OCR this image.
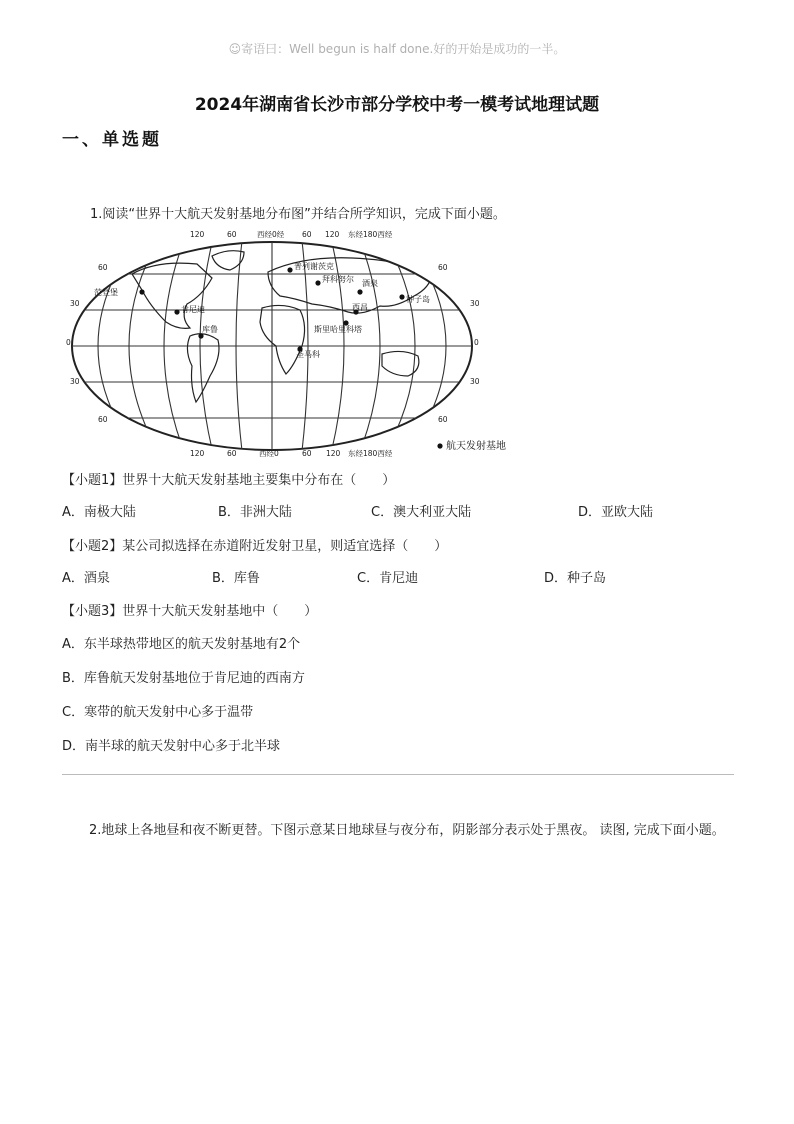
☺寄语曰：Well begun is half done.好的开始是成功的一半。
2024年湖南省长沙市部分学校中考一模考试地理试题
一、单选题
1.阅读“世界十大航天发射基地分布图”并结合所学知识，完成下面小题。
120	60	西经0经 60 120 东经180西经
120	60	西经0	60 120 东经180西经
60
30
0
30
60
60
30
0
30
60
范登堡
肯尼迪
库鲁
普列谢茨克
拜科努尔 酒泉
种子岛
西昌
斯里哈里科塔
圣马科
航天发射基地
【小题1】世界十大航天发射基地主要集中分布在（　　）
A．南极大陆	B．非洲大陆	C．澳大利亚大陆	D．亚欧大陆
【小题2】某公司拟选择在赤道附近发射卫星，则适宜选择（　　）
A．酒泉	B．库鲁	C．肯尼迪	D．种子岛
【小题3】世界十大航天发射基地中（　　）
A．东半球热带地区的航天发射基地有2个
B．库鲁航天发射基地位于肯尼迪的西南方
C．寒带的航天发射中心多于温带
D．南半球的航天发射中心多于北半球
2.地球上各地昼和夜不断更替。下图示意某日地球昼与夜分布，阴影部分表示处于黑夜。 读图, 完成下面小题。
